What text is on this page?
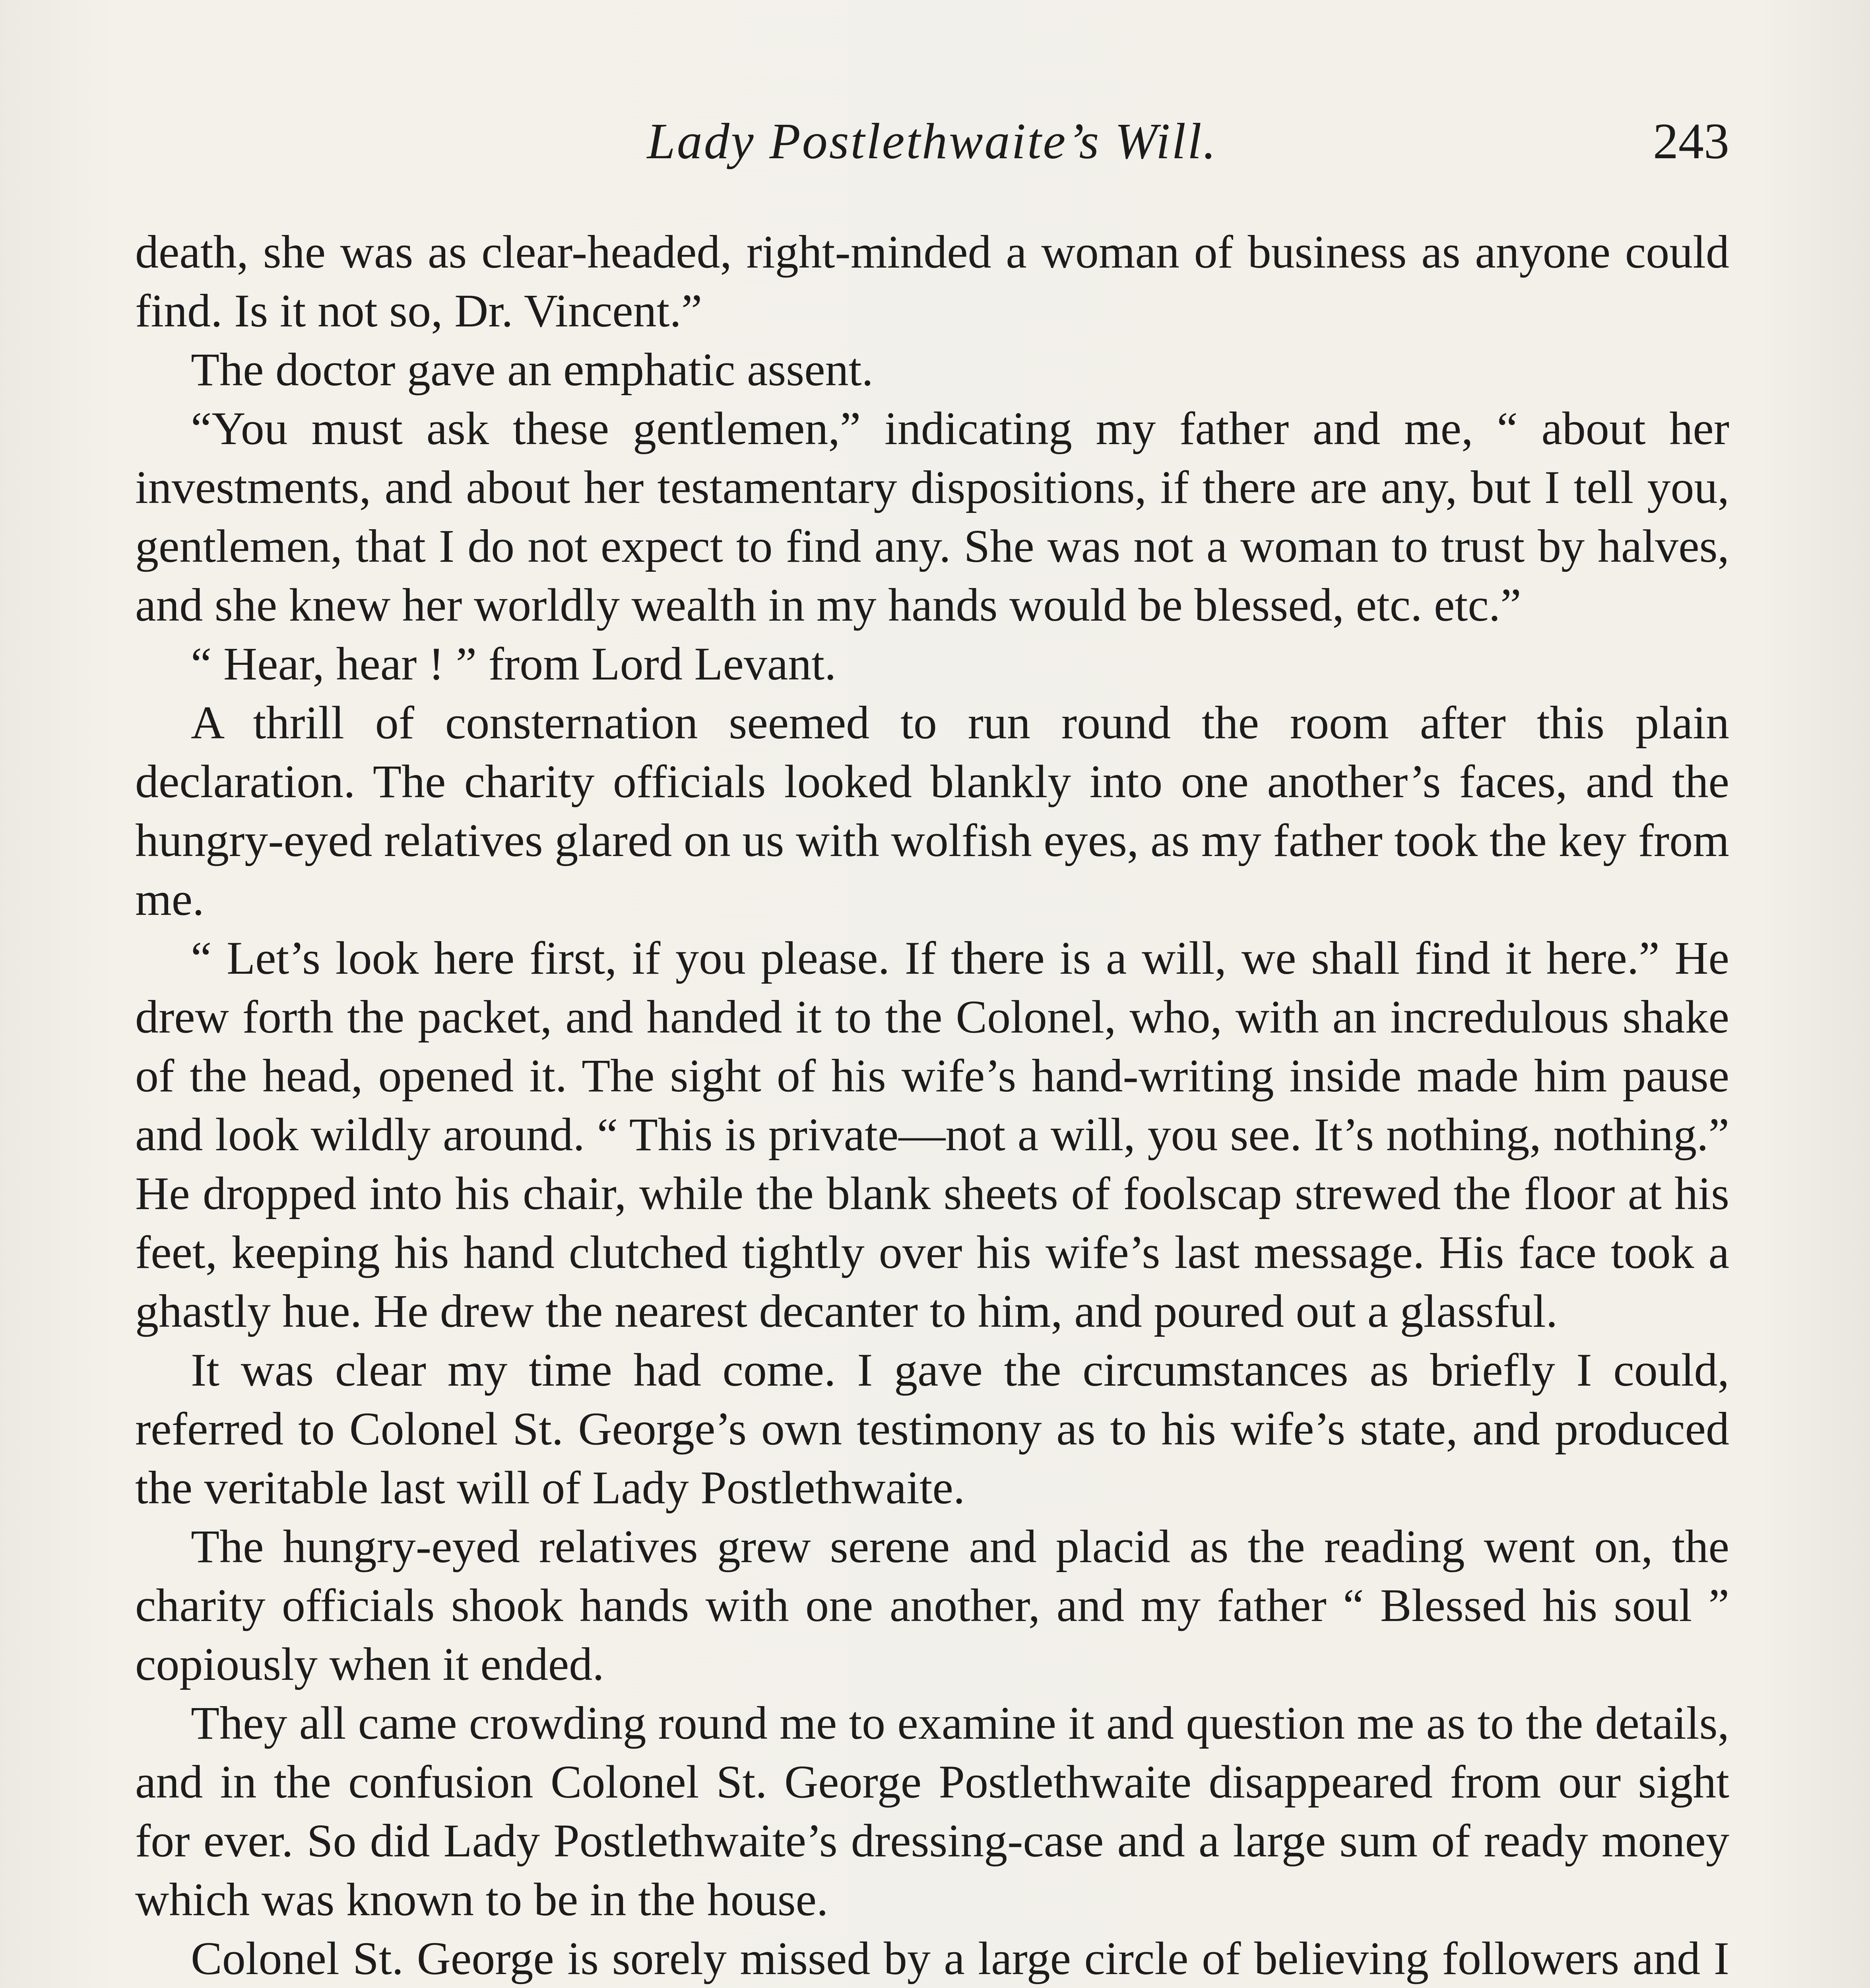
Lady Postlethwaite’s Will.	243

death, she was as clear-headed, right-minded a woman of business as anyone could find. Is it not so, Dr. Vincent.”

The doctor gave an emphatic assent.

“You must ask these gentlemen,” indicating my father and me, “ about her investments, and about her testamentary dispositions, if there are any, but I tell you, gentlemen, that I do not expect to find any. She was not a woman to trust by halves, and she knew her worldly wealth in my hands would be blessed, etc. etc.”

“ Hear, hear ! ” from Lord Levant.

A thrill of consternation seemed to run round the room after this plain declaration. The charity officials looked blankly into one another’s faces, and the hungry-eyed relatives glared on us with wolfish eyes, as my father took the key from me.

“ Let’s look here first, if you please. If there is a will, we shall find it here.” He drew forth the packet, and handed it to the Colonel, who, with an incredulous shake of the head, opened it. The sight of his wife’s hand-writing inside made him pause and look wildly around. “ This is private—not a will, you see. It’s nothing, nothing.” He dropped into his chair, while the blank sheets of foolscap strewed the floor at his feet, keeping his hand clutched tightly over his wife’s last message. His face took a ghastly hue. He drew the nearest decanter to him, and poured out a glassful.

It was clear my time had come. I gave the circumstances as briefly I could, referred to Colonel St. George’s own testimony as to his wife’s state, and produced the veritable last will of Lady Postlethwaite.

The hungry-eyed relatives grew serene and placid as the reading went on, the charity officials shook hands with one another, and my father “ Blessed his soul ” copiously when it ended.

They all came crowding round me to examine it and question me as to the details, and in the confusion Colonel St. George Postlethwaite disappeared from our sight for ever. So did Lady Postlethwaite’s dressing-case and a large sum of ready money which was known to be in the house.

Colonel St. George is sorely missed by a large circle of believing followers and I
